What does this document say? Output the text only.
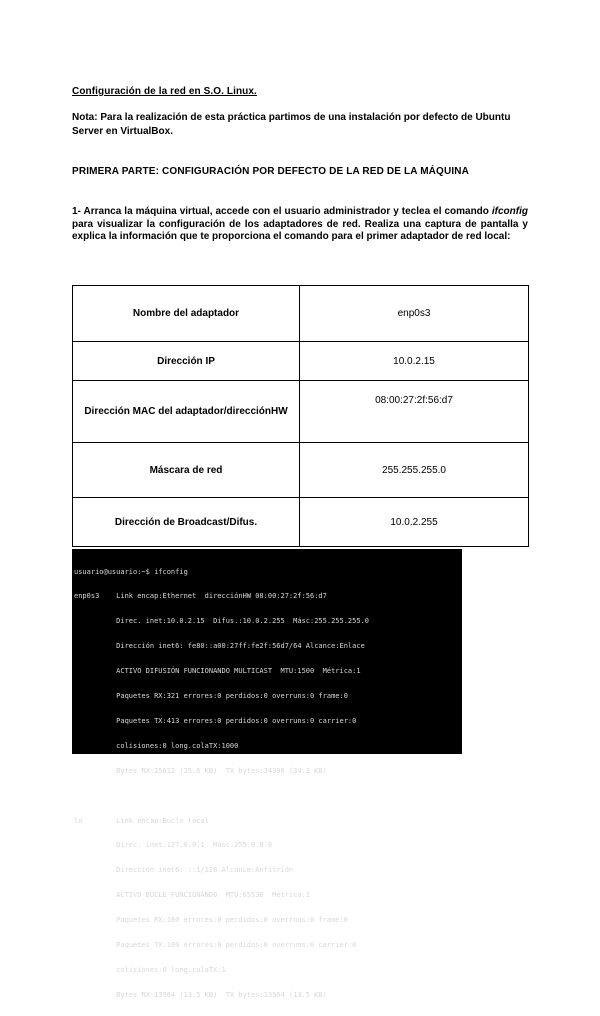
Configuración de la red en S.O. Linux.
Nota: Para la realización de esta práctica partimos de una instalación por defecto de Ubuntu Server en VirtualBox.
PRIMERA PARTE: CONFIGURACIÓN POR DEFECTO DE LA RED DE LA MÁQUINA
1- Arranca la máquina virtual, accede con el usuario administrador y teclea el comando ifconfig para visualizar la configuración de los adaptadores de red. Realiza una captura de pantalla y explica la información que te proporciona el comando para el primer adaptador de red local:
Nombre del adaptador	enp0s3
Dirección IP	10.0.2.15
Dirección MAC del adaptador/direcciónHW	08:00:27:2f:56:d7
Máscara de red	255.255.255.0
Dirección de Broadcast/Difus.	10.0.2.255

usuario@usuario:~$ ifconfig

enp0s3    Link encap:Ethernet  direcciónHW 08:00:27:2f:56:d7

Direc. inet:10.0.2.15  Difus.:10.0.2.255  Másc:255.255.255.0

Dirección inet6: fe80::a00:27ff:fe2f:56d7/64 Alcance:Enlace

ACTIVO DIFUSIÓN FUNCIONANDO MULTICAST  MTU:1500  Métrica:1

Paquetes RX:321 errores:0 perdidos:0 overruns:0 frame:0

Paquetes TX:413 errores:0 perdidos:0 overruns:0 carrier:0

colisiones:0 long.colaTX:1000

Bytes RX:25612 (25.6 KB)  TX bytes:34396 (34.3 KB)

lo        Link encap:Bucle local

Direc. inet:127.0.0.1  Másc:255.0.0.0

Dirección inet6: ::1/128 Alcance:Anfitrión

ACTIVO BUCLE FUNCIONANDO  MTU:65536  Métrica:1

Paquetes RX:180 errores:0 perdidos:0 overruns:0 frame:0

Paquetes TX:180 errores:0 perdidos:0 overruns:0 carrier:0

colisiones:0 long.colaTX:1

Bytes RX:13564 (13.5 KB)  TX bytes:13564 (13.5 KB)
